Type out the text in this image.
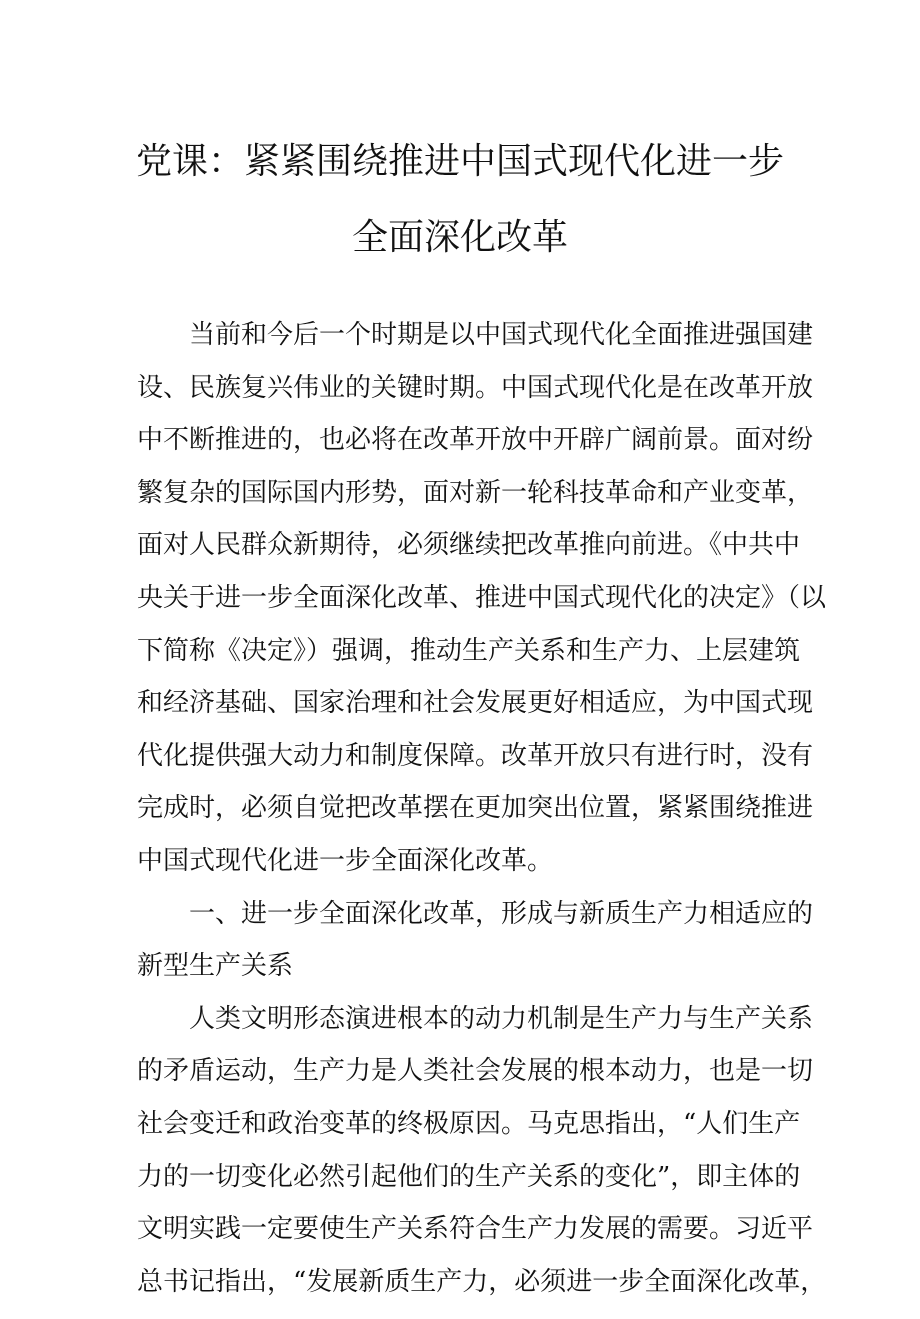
党课：紧紧围绕推进中国式现代化进一步
全面深化改革
当前和今后一个时期是以中国式现代化全面推进强国建
设、民族复兴伟业的关键时期。中国式现代化是在改革开放
中不断推进的，也必将在改革开放中开辟广阔前景。面对纷
繁复杂的国际国内形势，面对新一轮科技革命和产业变革，
面对人民群众新期待，必须继续把改革推向前进。《中共中
央关于进一步全面深化改革、推进中国式现代化的决定》（以
下简称《决定》）强调，推动生产关系和生产力、上层建筑
和经济基础、国家治理和社会发展更好相适应，为中国式现
代化提供强大动力和制度保障。改革开放只有进行时，没有
完成时，必须自觉把改革摆在更加突出位置，紧紧围绕推进
中国式现代化进一步全面深化改革。
一、进一步全面深化改革，形成与新质生产力相适应的
新型生产关系
人类文明形态演进根本的动力机制是生产力与生产关系
的矛盾运动，生产力是人类社会发展的根本动力，也是一切
社会变迁和政治变革的终极原因。马克思指出，“人们生产
力的一切变化必然引起他们的生产关系的变化”，即主体的
文明实践一定要使生产关系符合生产力发展的需要。习近平
总书记指出，“发展新质生产力，必须进一步全面深化改革，
